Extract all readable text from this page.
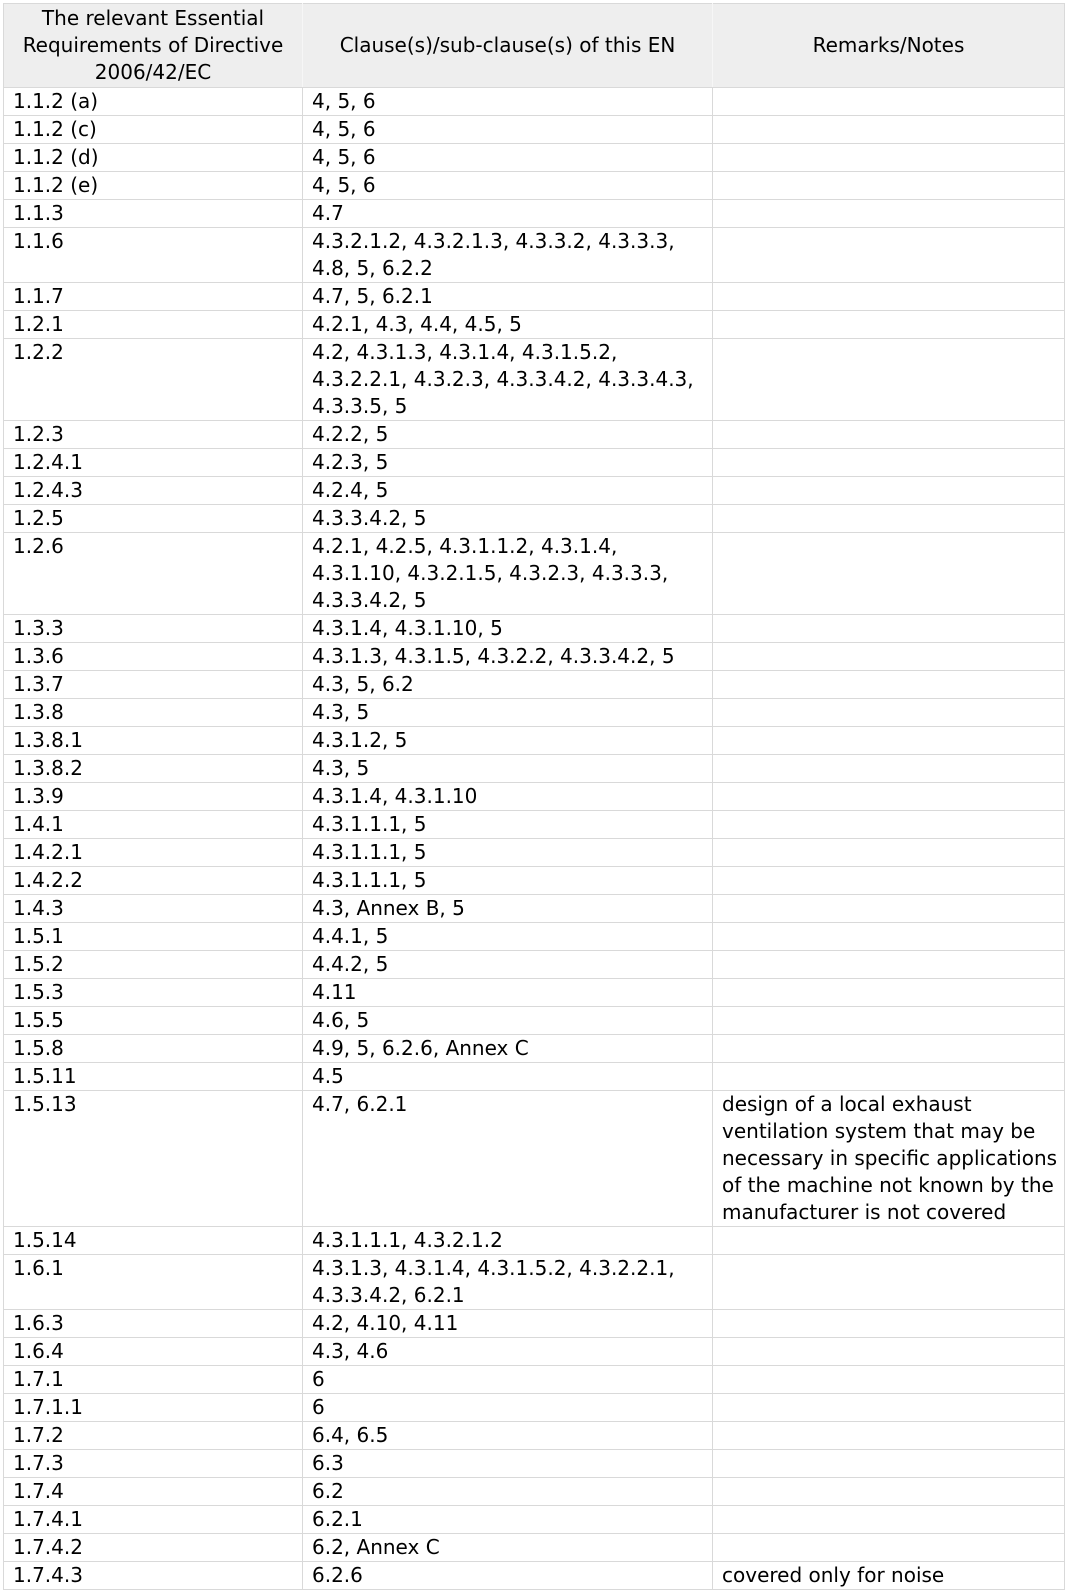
The relevant Essential Requirements of Directive 2006/42/EC	Clause(s)/sub-clause(s) of this EN	Remarks/Notes
1.1.2 (a)	4, 5, 6	
1.1.2 (c)	4, 5, 6	
1.1.2 (d)	4, 5, 6	
1.1.2 (e)	4, 5, 6	
1.1.3	4.7	
1.1.6	4.3.2.1.2, 4.3.2.1.3, 4.3.3.2, 4.3.3.3, 4.8, 5, 6.2.2	
1.1.7	4.7, 5, 6.2.1	
1.2.1	4.2.1, 4.3, 4.4, 4.5, 5	
1.2.2	4.2, 4.3.1.3, 4.3.1.4, 4.3.1.5.2, 4.3.2.2.1, 4.3.2.3, 4.3.3.4.2, 4.3.3.4.3, 4.3.3.5, 5	
1.2.3	4.2.2, 5	
1.2.4.1	4.2.3, 5	
1.2.4.3	4.2.4, 5	
1.2.5	4.3.3.4.2, 5	
1.2.6	4.2.1, 4.2.5, 4.3.1.1.2, 4.3.1.4, 4.3.1.10, 4.3.2.1.5, 4.3.2.3, 4.3.3.3, 4.3.3.4.2, 5	
1.3.3	4.3.1.4, 4.3.1.10, 5	
1.3.6	4.3.1.3, 4.3.1.5, 4.3.2.2, 4.3.3.4.2, 5	
1.3.7	4.3, 5, 6.2	
1.3.8	4.3, 5	
1.3.8.1	4.3.1.2, 5	
1.3.8.2	4.3, 5	
1.3.9	4.3.1.4, 4.3.1.10	
1.4.1	4.3.1.1.1, 5	
1.4.2.1	4.3.1.1.1, 5	
1.4.2.2	4.3.1.1.1, 5	
1.4.3	4.3, Annex B, 5	
1.5.1	4.4.1, 5	
1.5.2	4.4.2, 5	
1.5.3	4.11	
1.5.5	4.6, 5	
1.5.8	4.9, 5, 6.2.6, Annex C	
1.5.11	4.5	
1.5.13	4.7, 6.2.1	design of a local exhaust ventilation system that may be necessary in specific applications of the machine not known by the manufacturer is not covered
1.5.14	4.3.1.1.1, 4.3.2.1.2	
1.6.1	4.3.1.3, 4.3.1.4, 4.3.1.5.2, 4.3.2.2.1, 4.3.3.4.2, 6.2.1	
1.6.3	4.2, 4.10, 4.11	
1.6.4	4.3, 4.6	
1.7.1	6	
1.7.1.1	6	
1.7.2	6.4, 6.5	
1.7.3	6.3	
1.7.4	6.2	
1.7.4.1	6.2.1	
1.7.4.2	6.2, Annex C	
1.7.4.3	6.2.6	covered only for noise
